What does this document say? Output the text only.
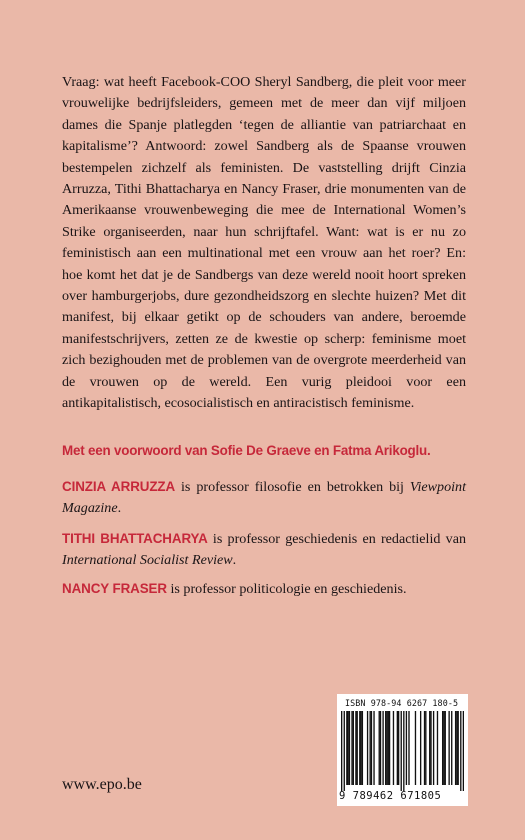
Vraag: wat heeft Facebook-COO Sheryl Sandberg, die pleit voor meer vrouwelijke bedrijfsleiders, gemeen met de meer dan vijf miljoen dames die Spanje platlegden ‘tegen de alliantie van patriarchaat en kapitalisme’? Antwoord: zowel Sandberg als de Spaanse vrouwen bestempelen zichzelf als feministen. De vaststelling drijft Cinzia Arruzza, Tithi Bhattacharya en Nancy Fraser, drie monumenten van de Amerikaanse vrouwenbeweging die mee de International Women’s Strike organiseerden, naar hun schrijftafel. Want: wat is er nu zo feministisch aan een multinational met een vrouw aan het roer? En: hoe komt het dat je de Sandbergs van deze wereld nooit hoort spreken over hamburgerjobs, dure gezondheidszorg en slechte huizen? Met dit manifest, bij elkaar getikt op de schouders van andere, beroemde manifestschrijvers, zetten ze de kwestie op scherp: feminisme moet zich bezighouden met de problemen van de overgrote meerderheid van de vrouwen op de wereld. Een vurig pleidooi voor een antikapitalistisch, ecosocialistisch en antiracistisch feminisme.

Met een voorwoord van Sofie De Graeve en Fatma Arikoglu.

CINZIA ARRUZZA is professor filosofie en betrokken bij Viewpoint Magazine.

TITHI BHATTACHARYA is professor geschiedenis en redactielid van International Socialist Review.

NANCY FRASER is professor politicologie en geschiedenis.

ISBN 978-94 6267 180-5
9 789462 671805

www.epo.be
